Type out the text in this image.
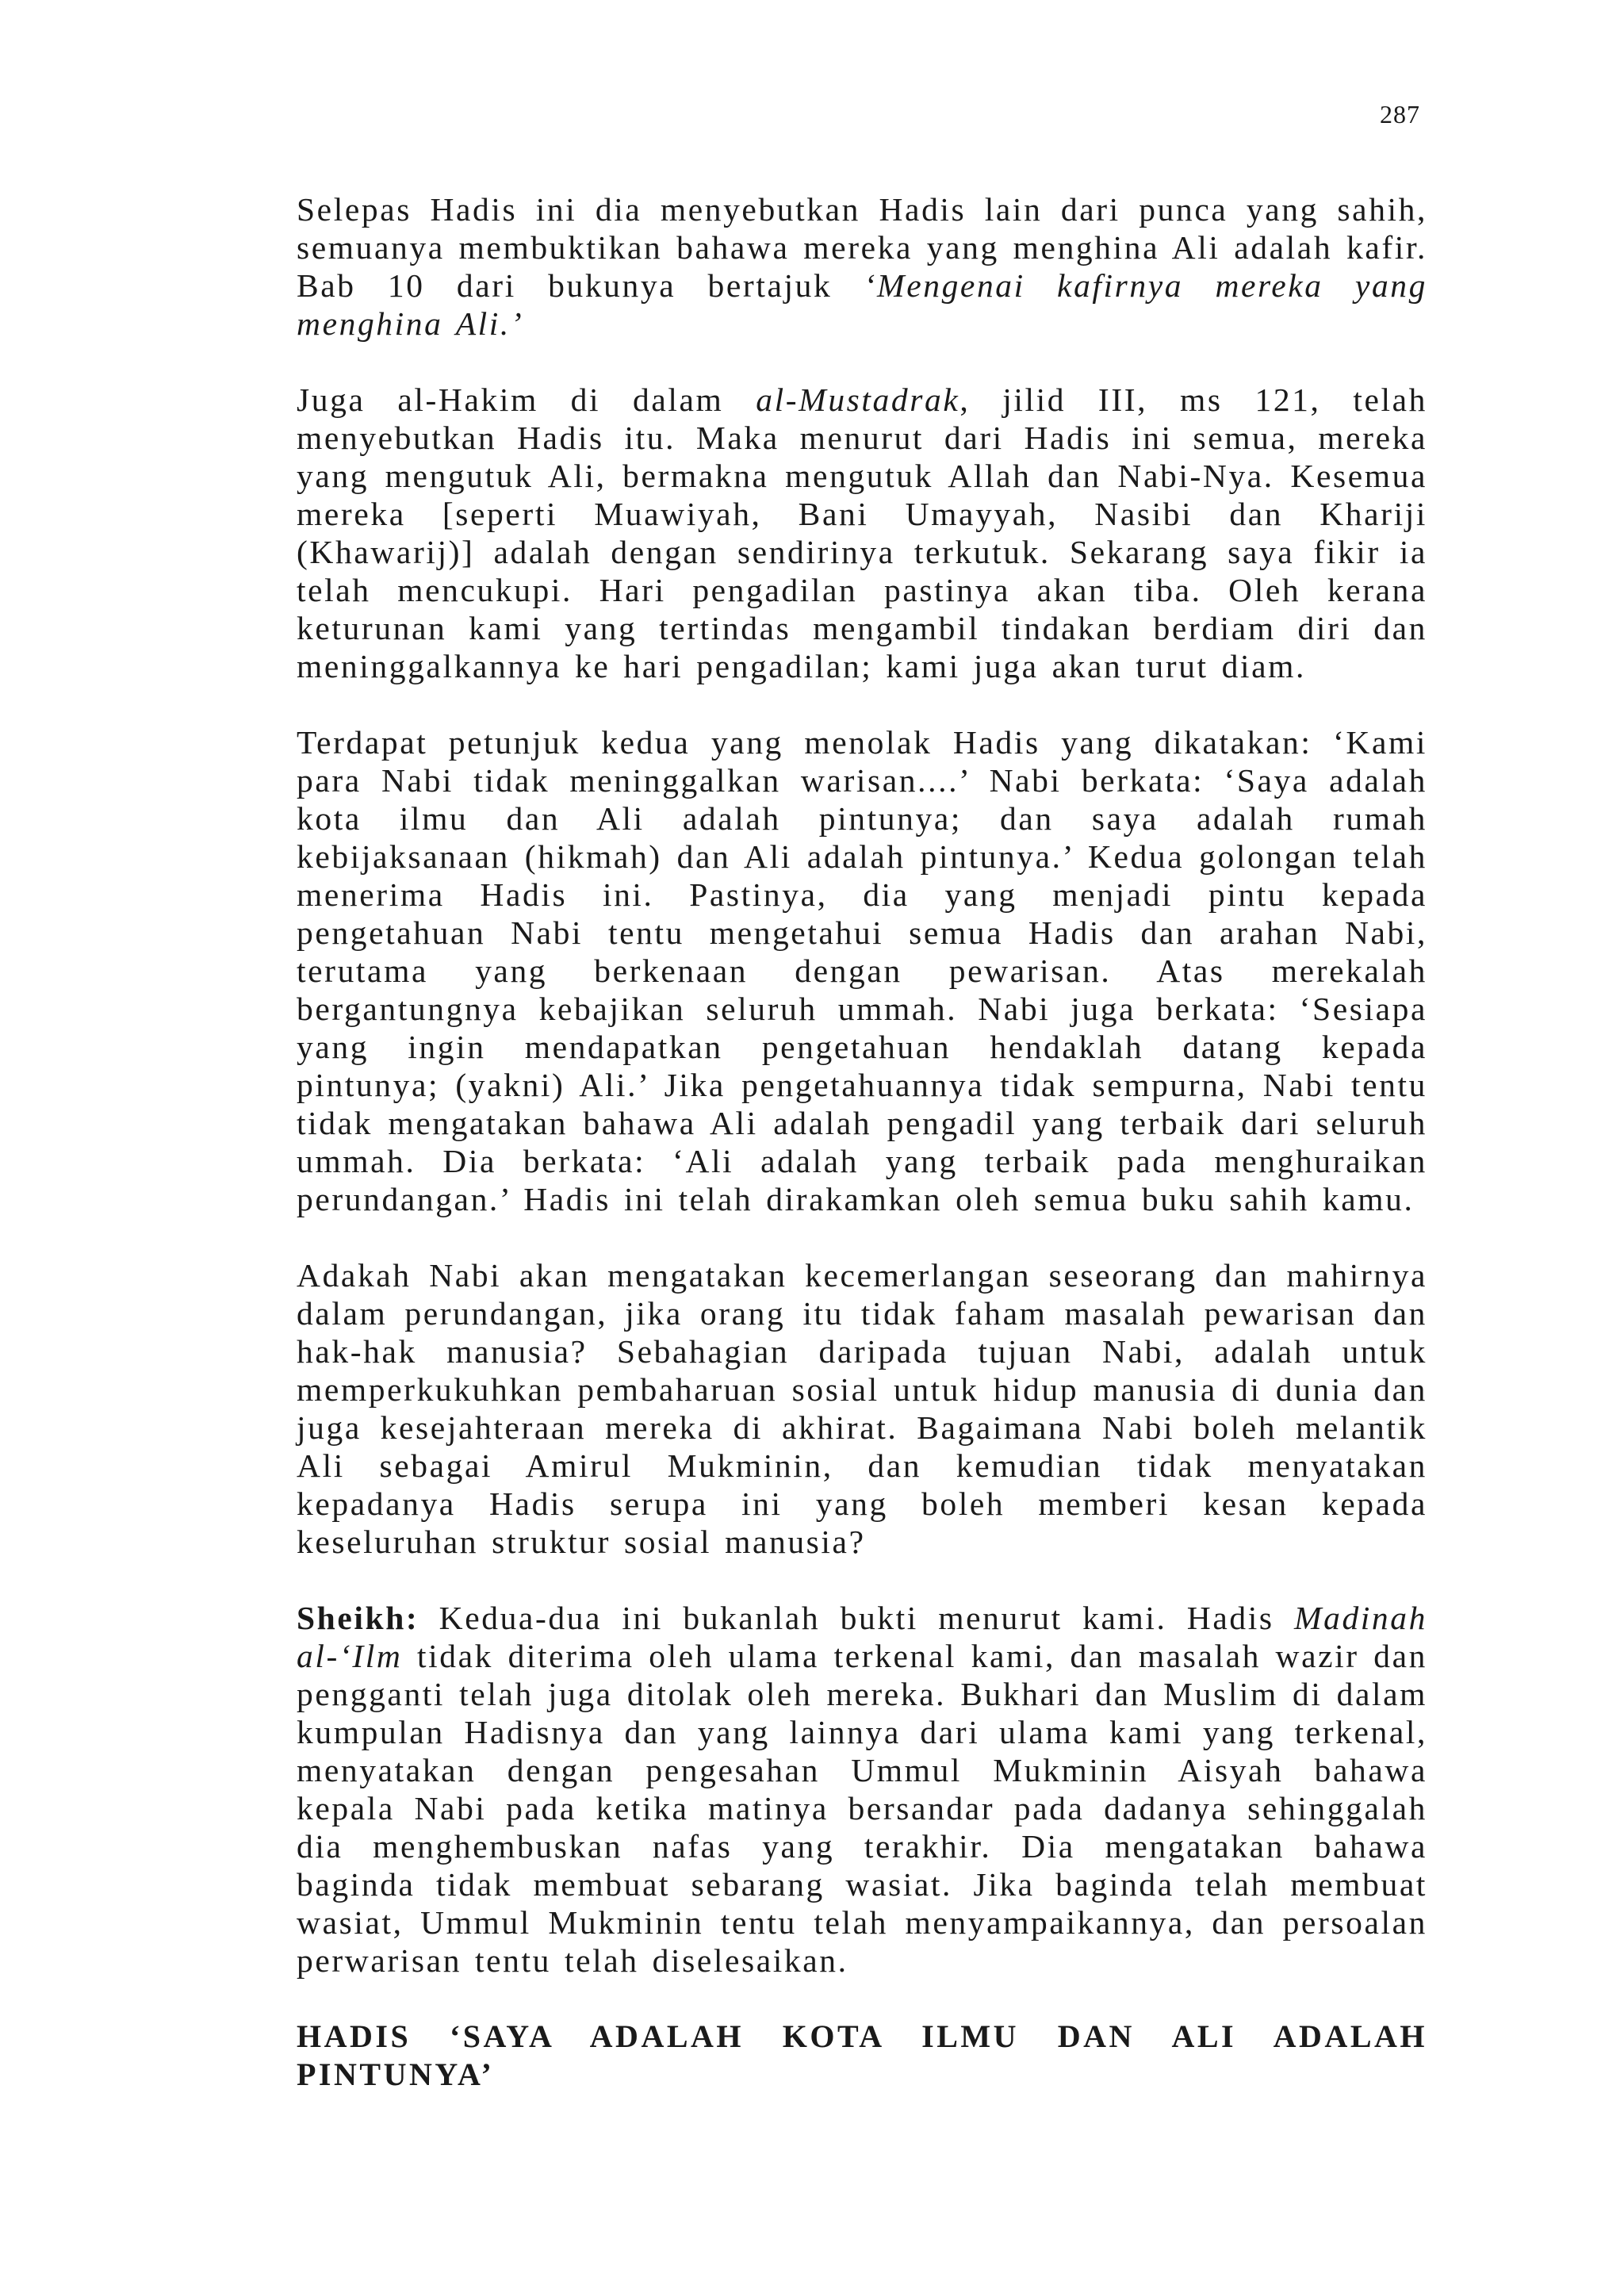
287

Selepas Hadis ini dia menyebutkan Hadis lain dari punca yang sahih, semuanya membuktikan bahawa mereka yang menghina Ali adalah kafir. Bab 10 dari bukunya bertajuk ‘Mengenai kafirnya mereka yang menghina Ali.’

Juga al-Hakim di dalam al-Mustadrak, jilid III, ms 121, telah menyebutkan Hadis itu. Maka menurut dari Hadis ini semua, mereka yang mengutuk Ali, bermakna mengutuk Allah dan Nabi-Nya. Kesemua mereka [seperti Muawiyah, Bani Umayyah, Nasibi dan Khariji (Khawarij)] adalah dengan sendirinya terkutuk. Sekarang saya fikir ia telah mencukupi. Hari pengadilan pastinya akan tiba. Oleh kerana keturunan kami yang tertindas mengambil tindakan berdiam diri dan meninggalkannya ke hari pengadilan; kami juga akan turut diam.

Terdapat petunjuk kedua yang menolak Hadis yang dikatakan: ‘Kami para Nabi tidak meninggalkan warisan....’ Nabi berkata: ‘Saya adalah kota ilmu dan Ali adalah pintunya; dan saya adalah rumah kebijaksanaan (hikmah) dan Ali adalah pintunya.’ Kedua golongan telah menerima Hadis ini. Pastinya, dia yang menjadi pintu kepada pengetahuan Nabi tentu mengetahui semua Hadis dan arahan Nabi, terutama yang berkenaan dengan pewarisan. Atas merekalah bergantungnya kebajikan seluruh ummah. Nabi juga berkata: ‘Sesiapa yang ingin mendapatkan pengetahuan hendaklah datang kepada pintunya; (yakni) Ali.’ Jika pengetahuannya tidak sempurna, Nabi tentu tidak mengatakan bahawa Ali adalah pengadil yang terbaik dari seluruh ummah. Dia berkata: ‘Ali adalah yang terbaik pada menghuraikan perundangan.’ Hadis ini telah dirakamkan oleh semua buku sahih kamu.

Adakah Nabi akan mengatakan kecemerlangan seseorang dan mahirnya dalam perundangan, jika orang itu tidak faham masalah pewarisan dan hak-hak manusia? Sebahagian daripada tujuan Nabi, adalah untuk memperkukuhkan pembaharuan sosial untuk hidup manusia di dunia dan juga kesejahteraan mereka di akhirat. Bagaimana Nabi boleh melantik Ali sebagai Amirul Mukminin, dan kemudian tidak menyatakan kepadanya Hadis serupa ini yang boleh memberi kesan kepada keseluruhan struktur sosial manusia?

Sheikh: Kedua-dua ini bukanlah bukti menurut kami. Hadis Madinah al-‘Ilm tidak diterima oleh ulama terkenal kami, dan masalah wazir dan pengganti telah juga ditolak oleh mereka. Bukhari dan Muslim di dalam kumpulan Hadisnya dan yang lainnya dari ulama kami yang terkenal, menyatakan dengan pengesahan Ummul Mukminin Aisyah bahawa kepala Nabi pada ketika matinya bersandar pada dadanya sehinggalah dia menghembuskan nafas yang terakhir. Dia mengatakan bahawa baginda tidak membuat sebarang wasiat. Jika baginda telah membuat wasiat, Ummul Mukminin tentu telah menyampaikannya, dan persoalan perwarisan tentu telah diselesaikan.

HADIS ‘SAYA ADALAH KOTA ILMU DAN ALI ADALAH PINTUNYA’
